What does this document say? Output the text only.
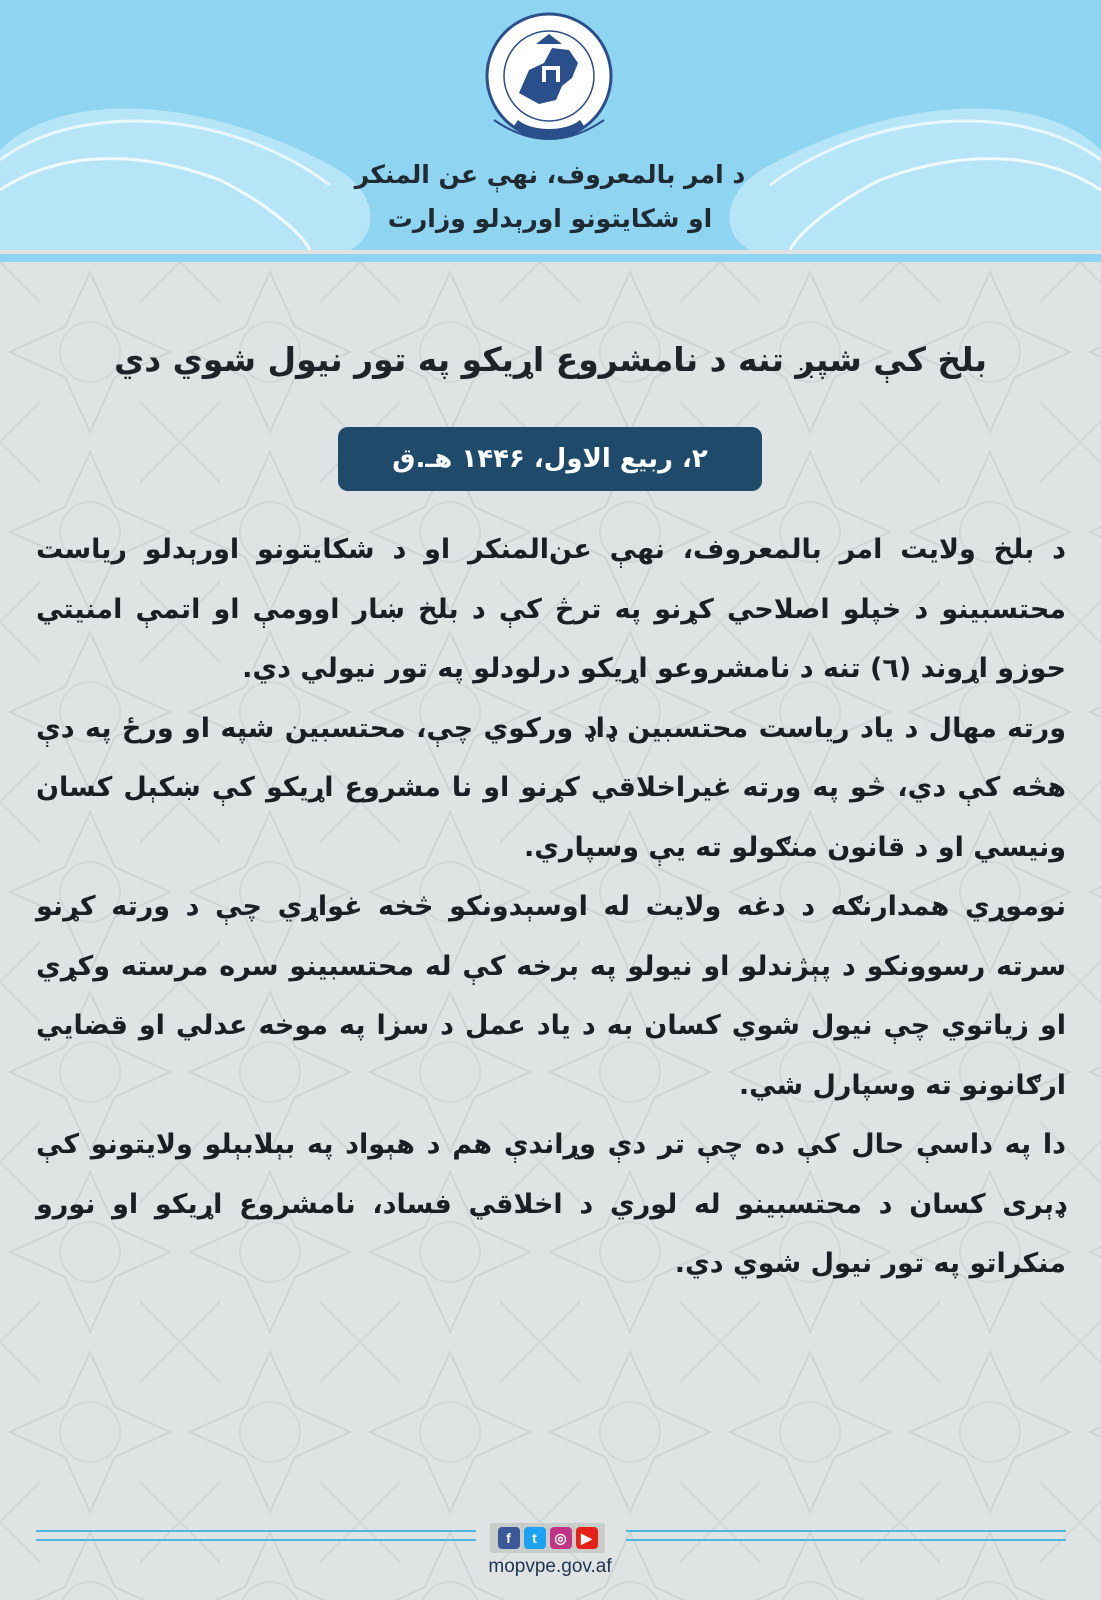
د امر بالمعروف، نهې عن المنکر
او شکایتونو اورېدلو وزارت
بلخ کې شپږ تنه د نامشروع اړيکو په تور نيول شوي دي
۲، ربيع الاول، ۱۴۴۶ هـ.ق

د بلخ ولايت امر بالمعروف، نهې عن‌المنکر او د شکايتونو اورېدلو رياست محتسبينو د خپلو اصلاحي کړنو په ترڅ کې د بلخ ښار اوومې او اتمې امنيتي حوزو اړوند (٦) تنه د نامشروعو اړيکو درلودلو په تور نيولي دي.

ورته مهال د ياد رياست محتسبين ډاډ ورکوي چې، محتسبين شپه او ورځ په دې هڅه کې دي، څو په ورته غيراخلاقي کړنو او نا مشروع اړيکو کې ښکېل کسان ونيسي او د قانون منګولو ته يې وسپاري.

نوموړي همدارنګه د دغه ولايت له اوسېدونکو څخه غواړي چې د ورته کړنو سرته رسوونکو د پېژندلو او نيولو په برخه کې له محتسبينو سره مرسته وکړي او زياتوي چې نيول شوي کسان به د ياد عمل د سزا په موخه عدلي او قضايي ارګانونو ته وسپارل شي.

دا په داسې حال کې ده چې تر دې وړاندې هم د هېواد په بېلابېلو ولايتونو کې ډېری کسان د محتسبينو له لوري د اخلاقي فساد، نامشروع اړيکو او نورو منکراتو په تور نيول شوي دي.

f	t	◎	▶
mopvpe.gov.af
